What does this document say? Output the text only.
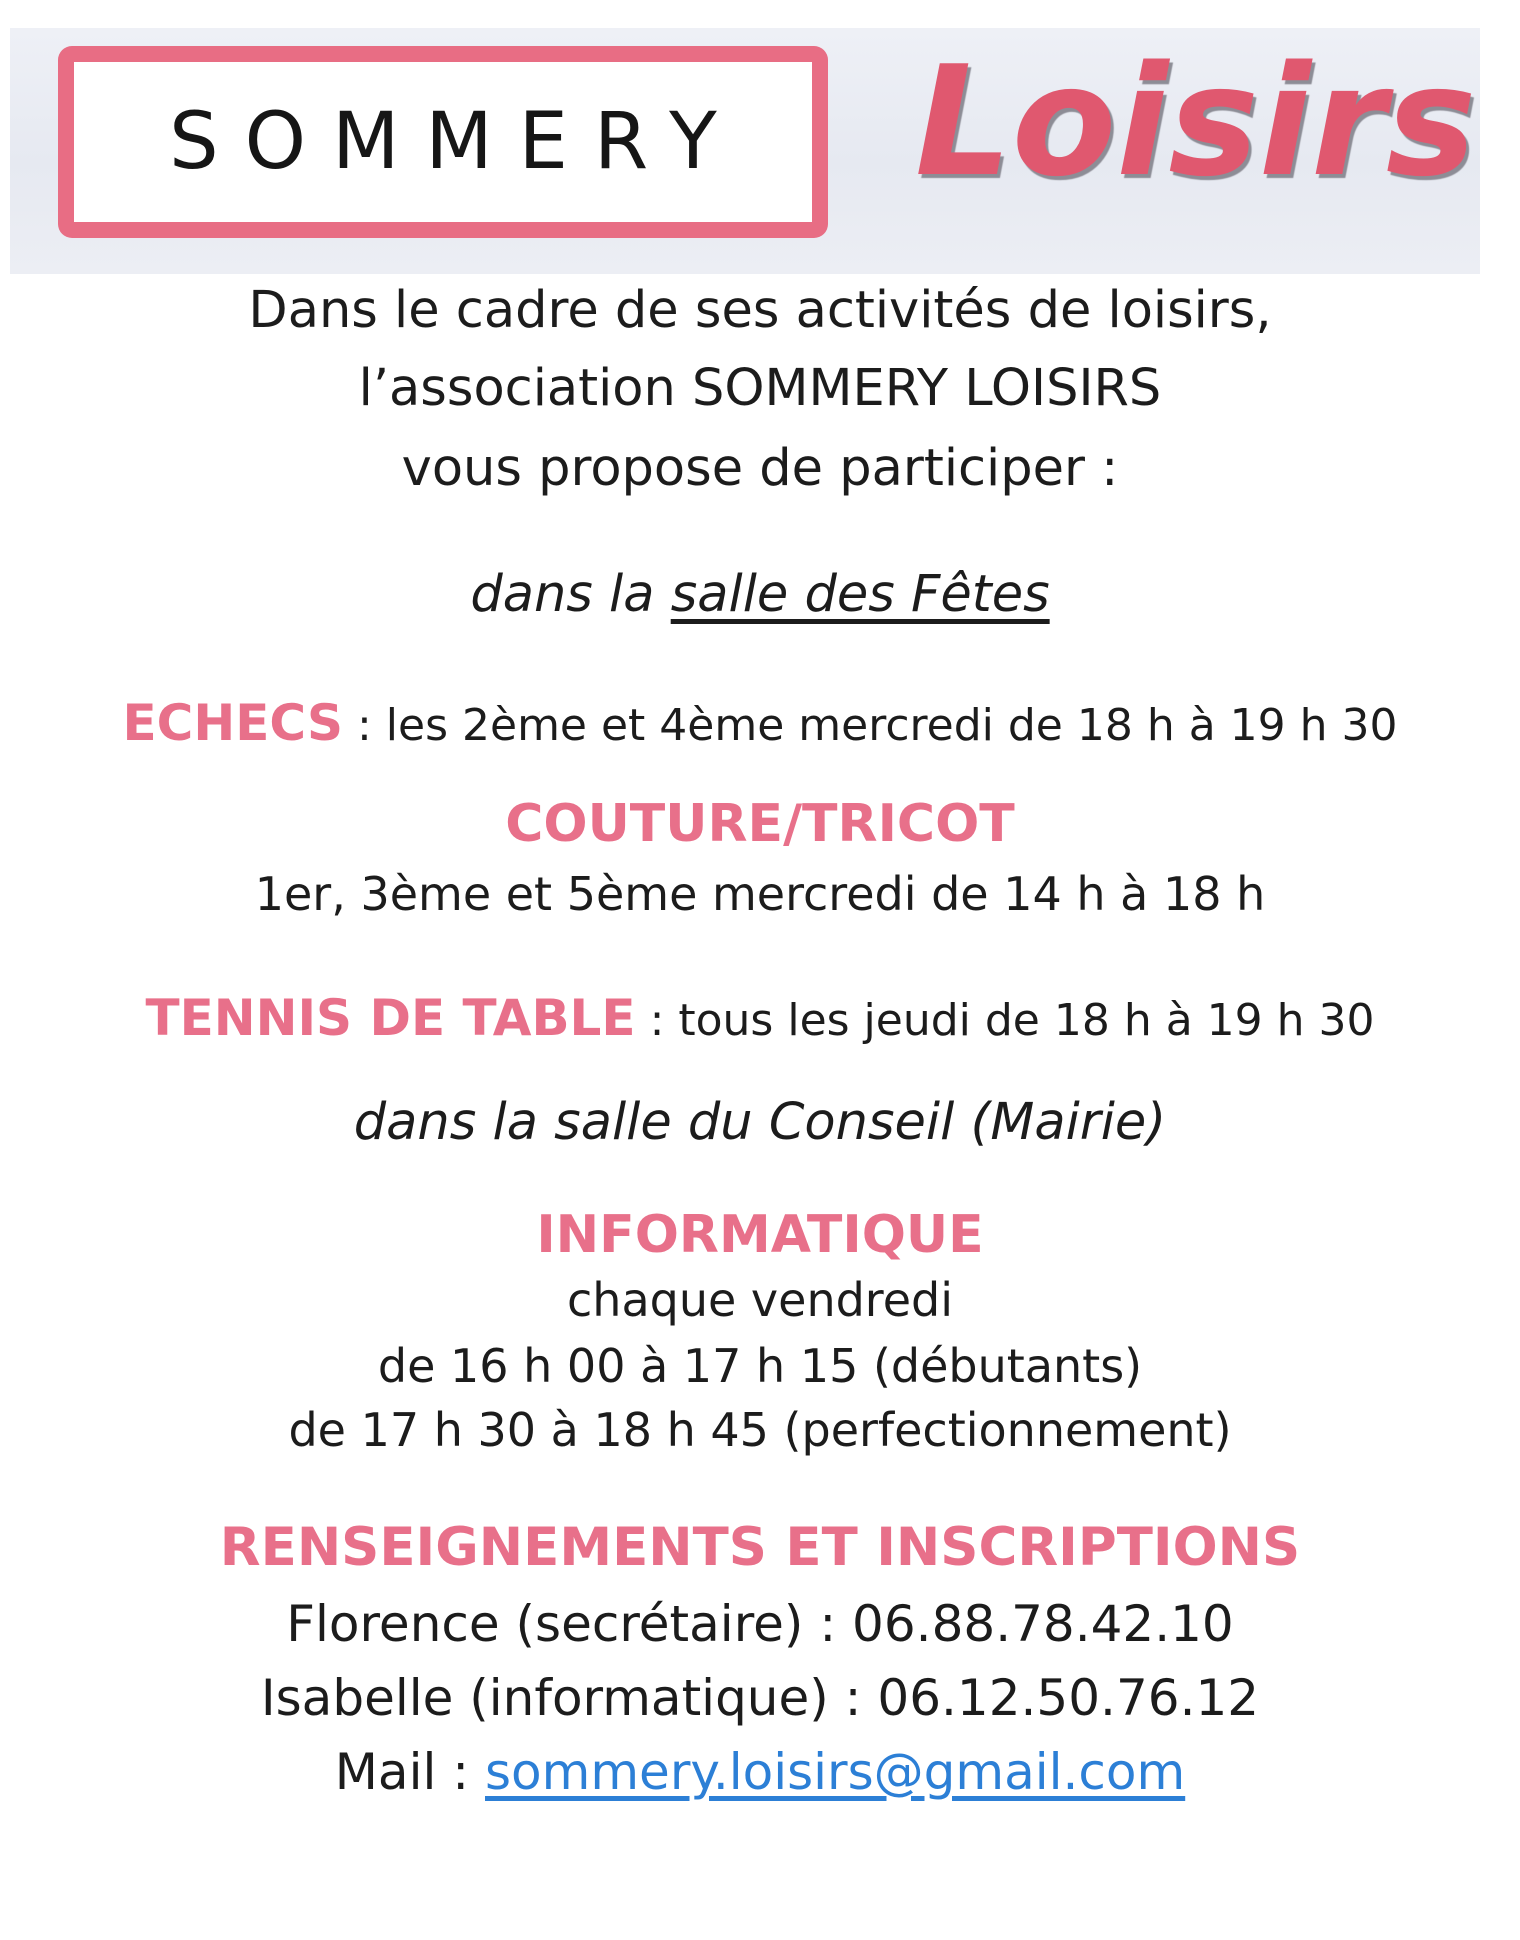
SOMMERY Loisirs
Dans le cadre de ses activités de loisirs,
l’association SOMMERY LOISIRS
vous propose de participer :
dans la salle des Fêtes
ECHECS : les 2ème et 4ème mercredi de 18 h à 19 h 30
COUTURE/TRICOT
1er, 3ème et 5ème mercredi de 14 h à 18 h
TENNIS DE TABLE : tous les jeudi de 18 h à 19 h 30
dans la salle du Conseil (Mairie)
INFORMATIQUE
chaque vendredi
de 16 h 00 à 17 h 15 (débutants)
de 17 h 30 à 18 h 45 (perfectionnement)
RENSEIGNEMENTS ET INSCRIPTIONS
Florence (secrétaire) : 06.88.78.42.10
Isabelle (informatique) : 06.12.50.76.12
Mail : sommery.loisirs@gmail.com
